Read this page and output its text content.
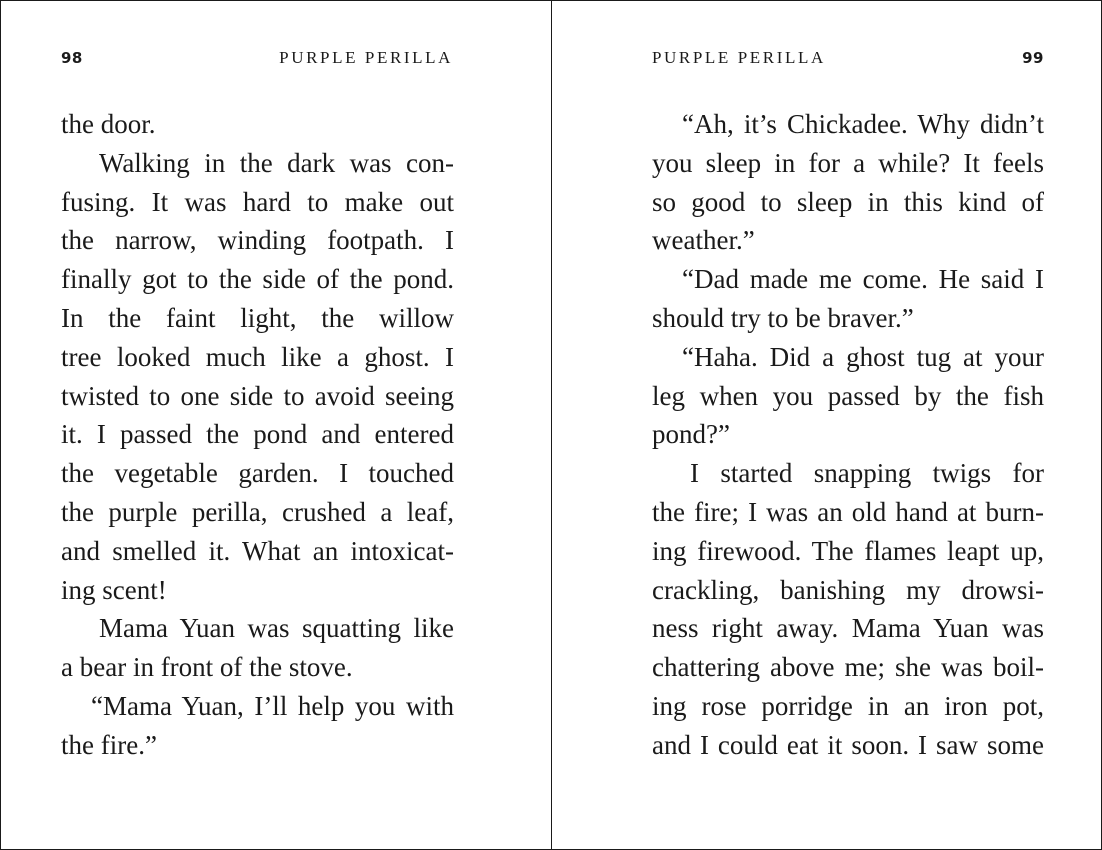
98	PURPLE PERILLA
the door.
Walking in the dark was con-
fusing. It was hard to make out
the narrow, winding footpath. I
finally got to the side of the pond.
In the faint light, the willow
tree looked much like a ghost. I
twisted to one side to avoid seeing
it. I passed the pond and entered
the vegetable garden. I touched
the purple perilla, crushed a leaf,
and smelled it. What an intoxicat-
ing scent!
Mama Yuan was squatting like
a bear in front of the stove.
“Mama Yuan, I’ll help you with
the fire.”
PURPLE PERILLA	99
“Ah, it’s Chickadee. Why didn’t
you sleep in for a while? It feels
so good to sleep in this kind of
weather.”
“Dad made me come. He said I
should try to be braver.”
“Haha. Did a ghost tug at your
leg when you passed by the fish
pond?”
I started snapping twigs for
the fire; I was an old hand at burn-
ing firewood. The flames leapt up,
crackling, banishing my drowsi-
ness right away. Mama Yuan was
chattering above me; she was boil-
ing rose porridge in an iron pot,
and I could eat it soon. I saw some
